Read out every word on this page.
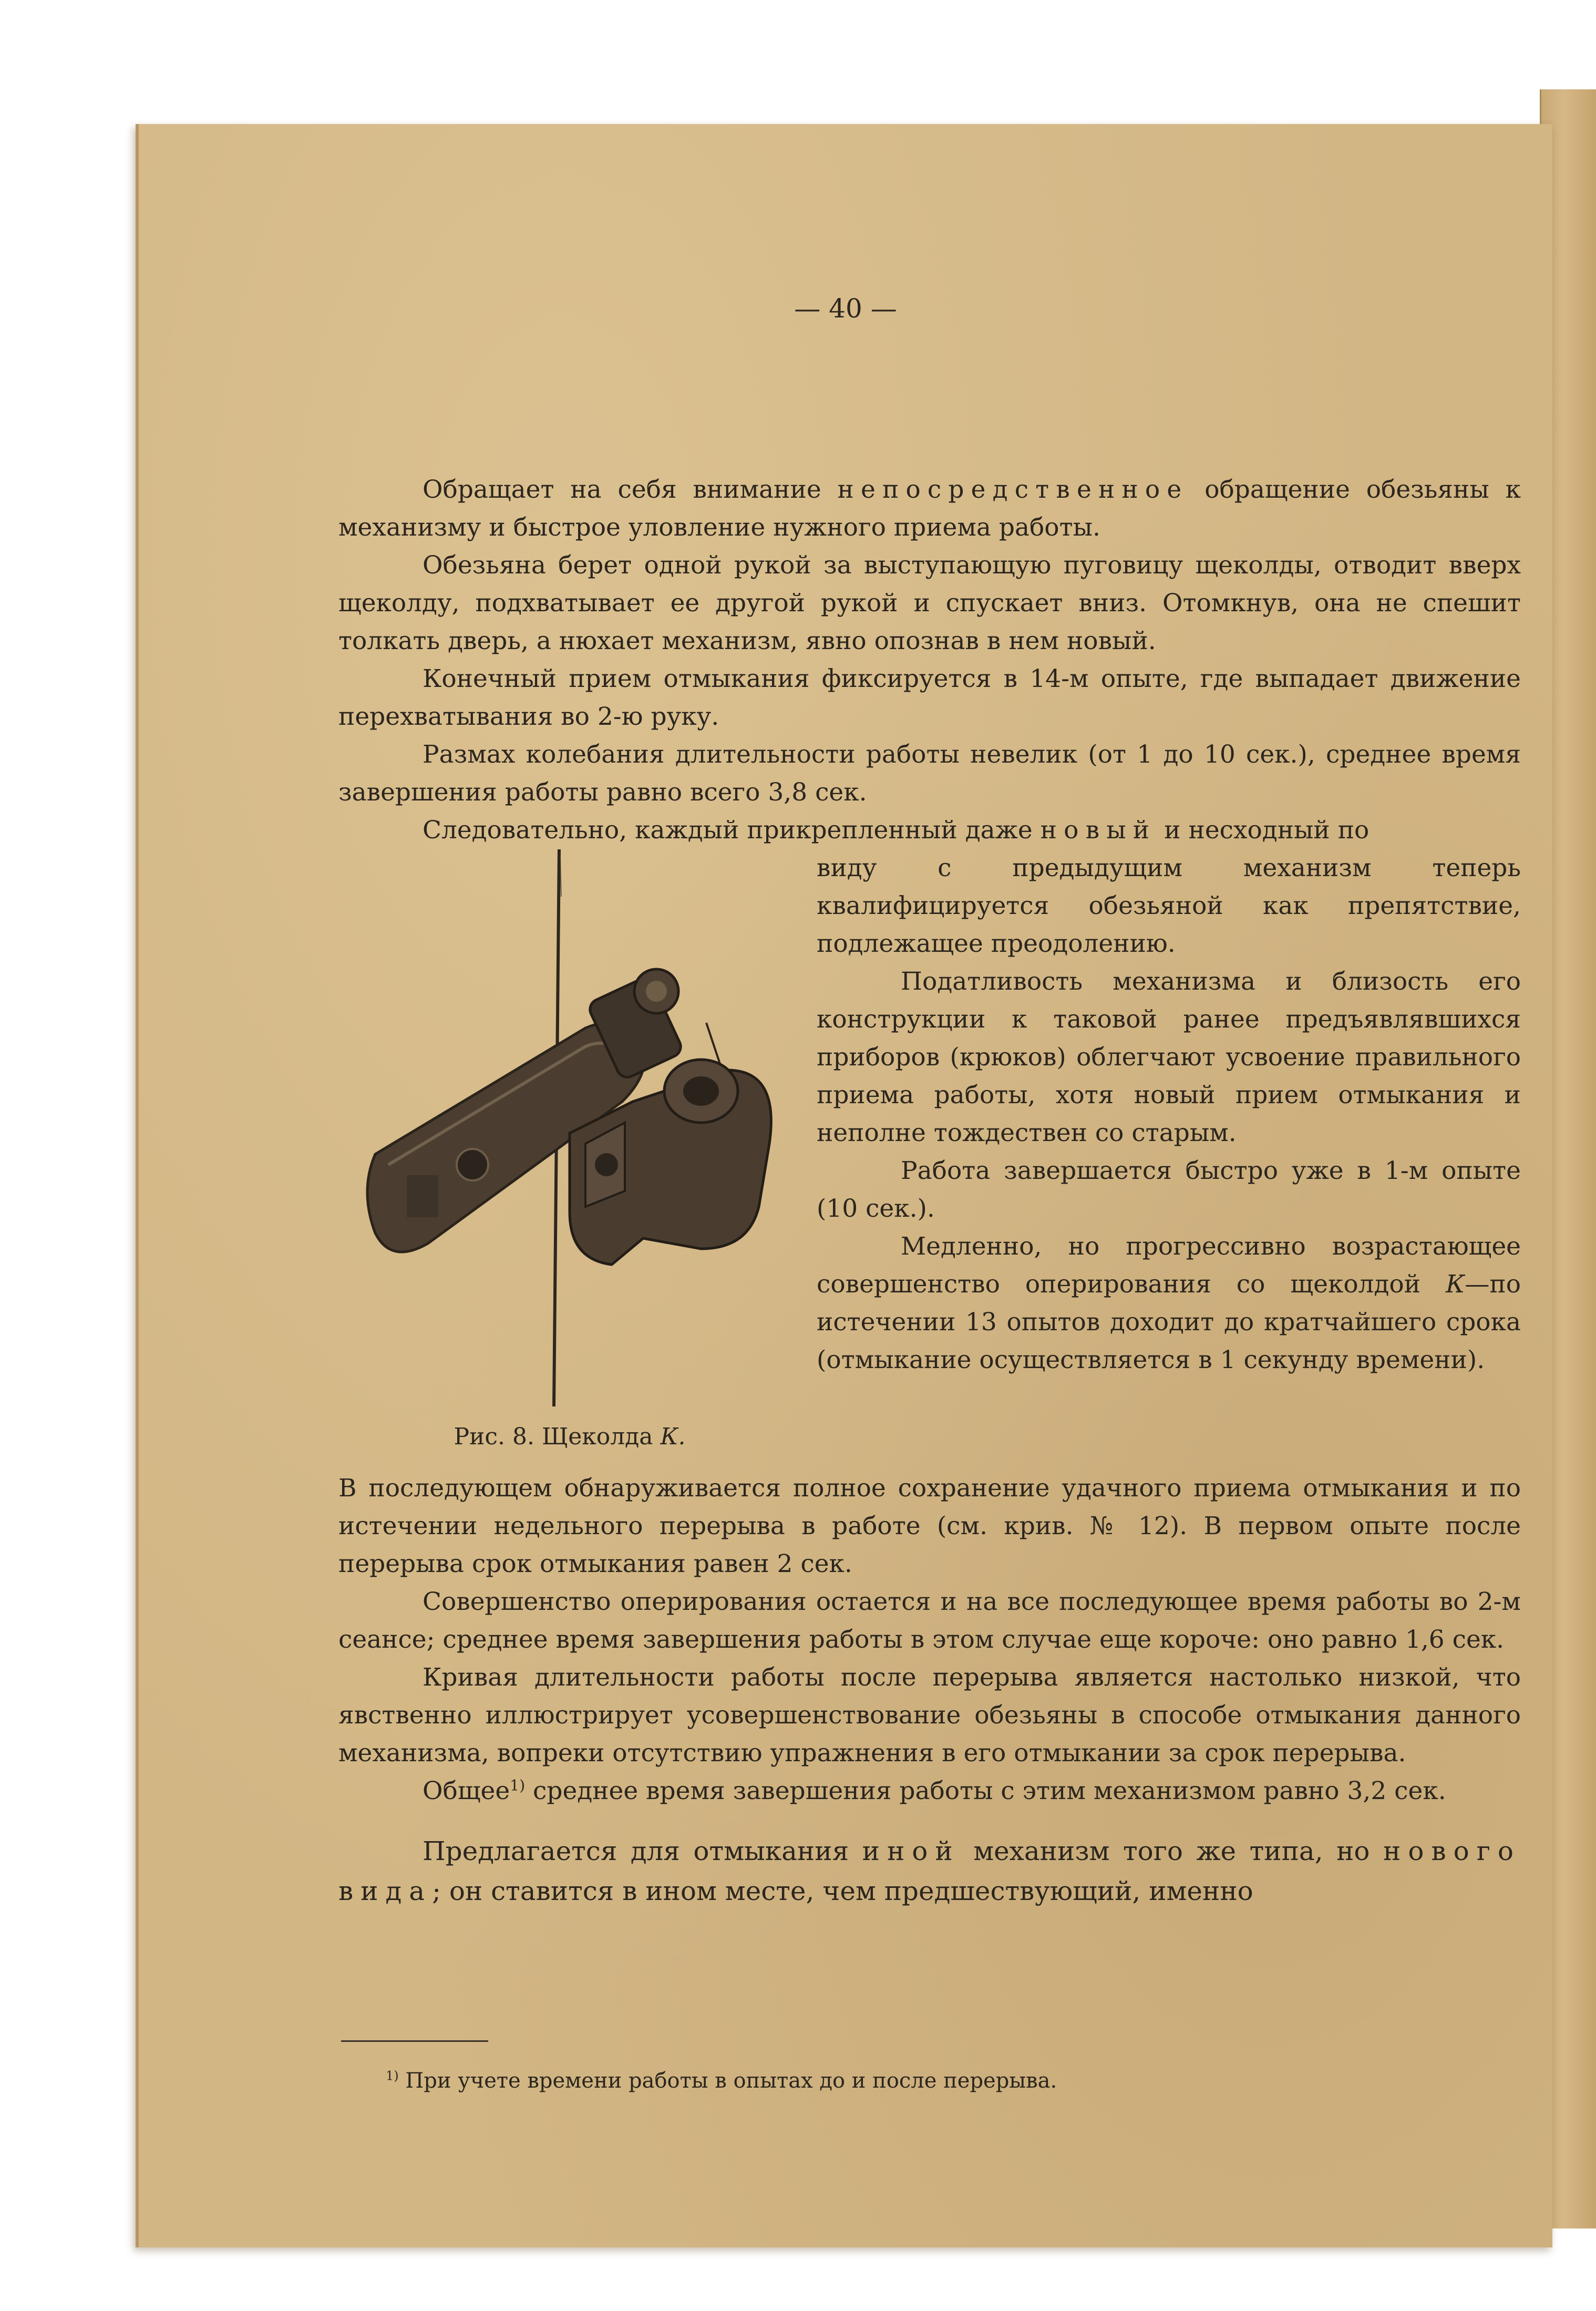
— 40 —

Обращает на себя внимание непосредственное обращение обезьяны к механизму и быстрое уловление нужного приема работы.

Обезьяна берет одной рукой за выступающую пуговицу щеколды, отводит вверх щеколду, подхватывает ее другой рукой и спускает вниз. Отомкнув, она не спешит толкать дверь, а нюхает механизм, явно опознав в нем новый.

Конечный прием отмыкания фиксируется в 14-м опыте, где выпадает движение перехватывания во 2-ю руку.

Размах колебания длительности работы невелик (от 1 до 10 сек.), среднее время завершения работы равно всего 3,8 сек.

Следовательно, каждый прикрепленный даже новый и несходный по

Рис. 8. Щеколда К.

виду с предыдущим механизм теперь квалифицируется обезьяной как препятствие, подлежащее преодолению.

Податливость механизма и близость его конструкции к таковой ранее предъявлявшихся приборов (крюков) облегчают усвоение правильного приема работы, хотя новый прием отмыкания и неполне тождествен со старым.

Работа завершается быстро уже в 1-м опыте (10 сек.).

Медленно, но прогрессивно возрастающее совершенство оперирования со щеколдой К—по истечении 13 опытов доходит до кратчайшего срока (отмыкание осуществляется в 1 секунду времени).

В последующем обнаруживается полное сохранение удачного приема отмыкания и по истечении недельного перерыва в работе (см. крив. № 12). В первом опыте после перерыва срок отмыкания равен 2 сек.

Совершенство оперирования остается и на все последующее время работы во 2-м сеансе; среднее время завершения работы в этом случае еще короче: оно равно 1,6 сек.

Кривая длительности работы после перерыва является настолько низкой, что явственно иллюстрирует усовершенствование обезьяны в способе отмыкания данного механизма, вопреки отсутствию упражнения в его отмыкании за срок перерыва.

Общее$^{1)}$ среднее время завершения работы с этим механизмом равно 3,2 сек.

Предлагается для отмыкания иной механизм того же типа, но нового вида; он ставится в ином месте, чем предшествующий, именно

$^{1)}$ При учете времени работы в опытах до и после перерыва.
